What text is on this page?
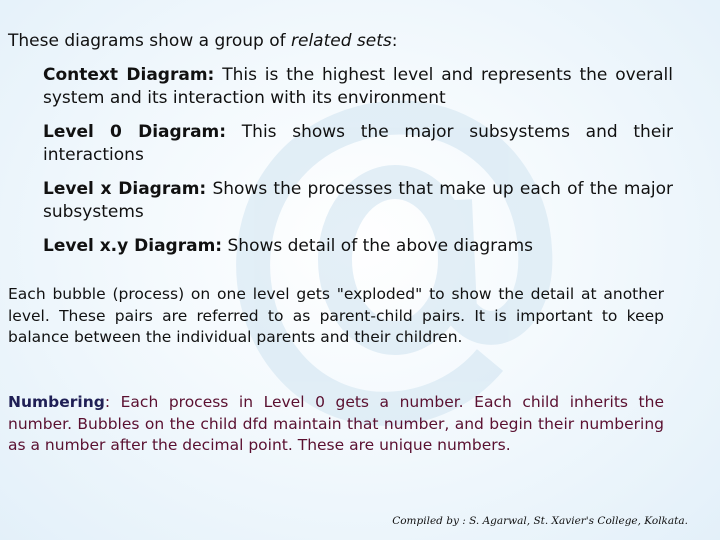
These diagrams show a group of related sets:

Context Diagram: This is the highest level and represents the overall system and its interaction with its environment

Level 0 Diagram: This shows the major subsystems and their interactions

Level x Diagram: Shows the processes that make up each of the major subsystems

Level x.y Diagram: Shows detail of the above diagrams

Each bubble (process) on one level gets "exploded" to show the detail at another level. These pairs are referred to as parent-child pairs. It is important to keep balance between the individual parents and their children.
Numbering: Each process in Level 0 gets a number. Each child inherits the number. Bubbles on the child dfd maintain that number, and begin their numbering as a number after the decimal point. These are unique numbers.
Compiled by : S. Agarwal, St. Xavier's College, Kolkata.
